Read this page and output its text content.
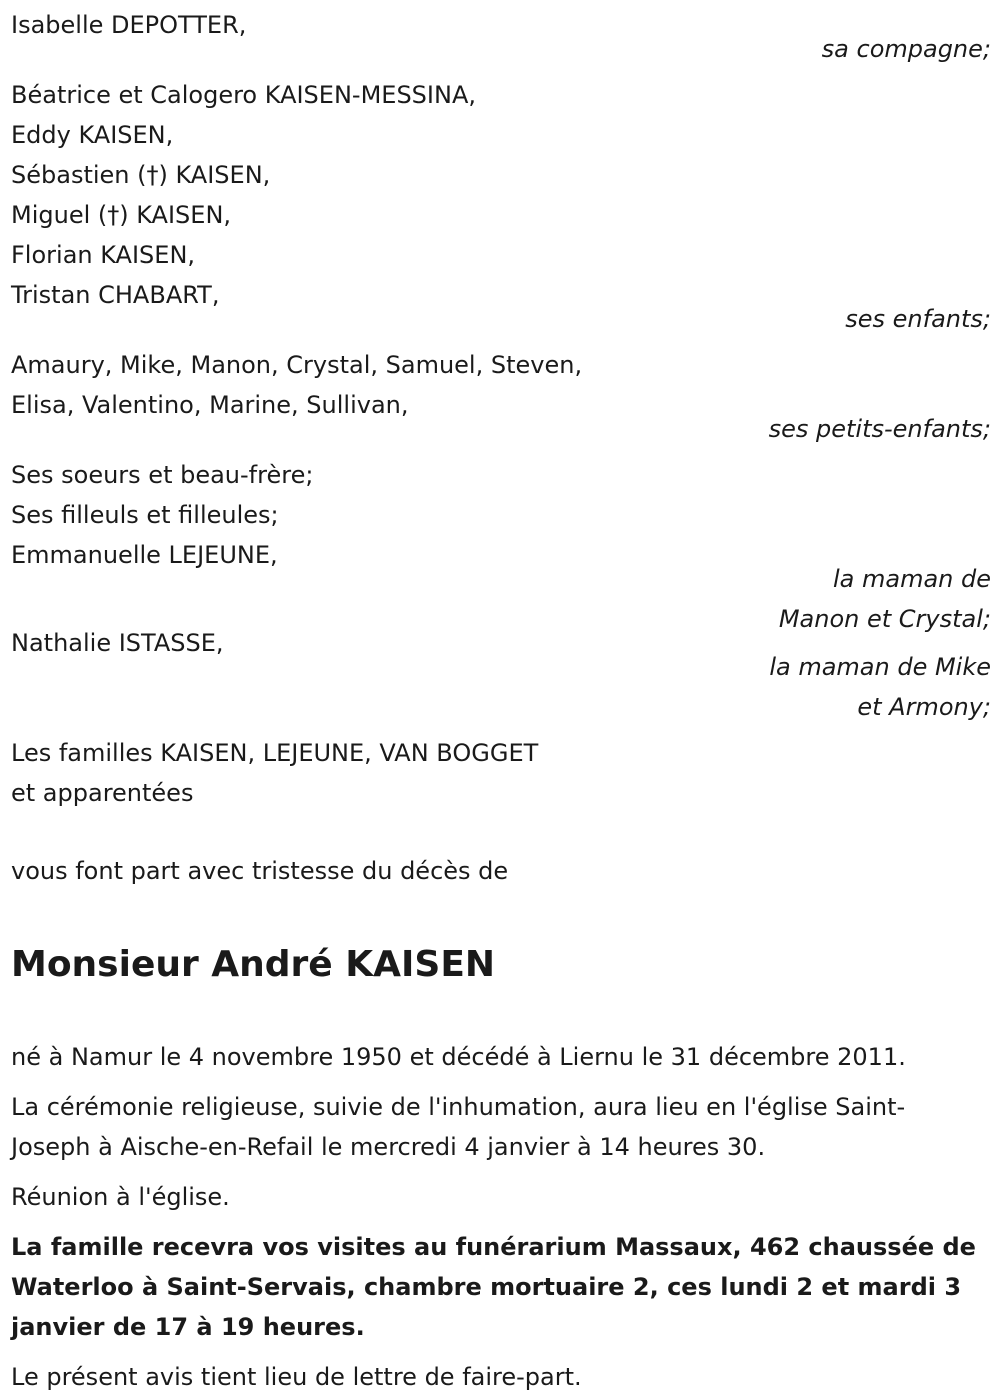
Isabelle DEPOTTER,
sa compagne;
Béatrice et Calogero KAISEN-MESSINA,
Eddy KAISEN,
Sébastien (†) KAISEN,
Miguel (†) KAISEN,
Florian KAISEN,
Tristan CHABART,
ses enfants;
Amaury, Mike, Manon, Crystal, Samuel, Steven,
Elisa, Valentino, Marine, Sullivan,
ses petits-enfants;
Ses soeurs et beau-frère;
Ses filleuls et filleules;
Emmanuelle LEJEUNE,
la maman de
Manon et Crystal;
Nathalie ISTASSE,
la maman de Mike
et Armony;
Les familles KAISEN, LEJEUNE, VAN BOGGET
et apparentées
vous font part avec tristesse du décès de
Monsieur André KAISEN
né à Namur le 4 novembre 1950 et décédé à Liernu le 31 décembre 2011.
La cérémonie religieuse, suivie de l'inhumation, aura lieu en l'église Saint-
Joseph à Aische-en-Refail le mercredi 4 janvier à 14 heures 30.
Réunion à l'église.
La famille recevra vos visites au funérarium Massaux, 462 chaussée de
Waterloo à Saint-Servais, chambre mortuaire 2, ces lundi 2 et mardi 3
janvier de 17 à 19 heures.
Le présent avis tient lieu de lettre de faire-part.
